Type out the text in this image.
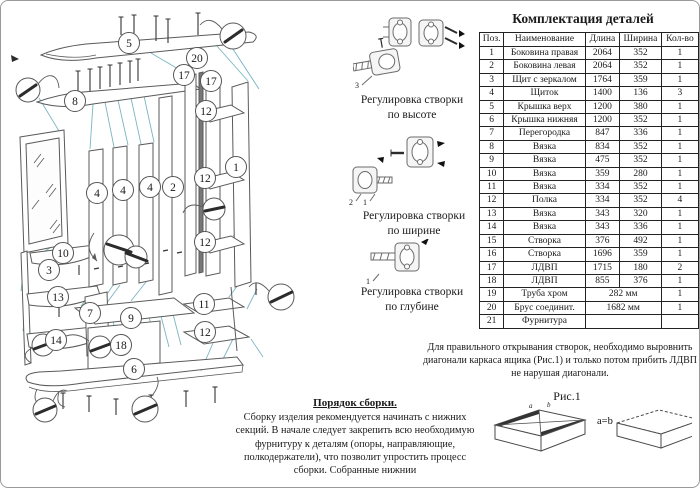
5
8
17
20
17
12
1
4 4 4 2
10
3
12
12
13
7	9
11
14	18
12
6
3
Регулировка створки
по высоте
2 1
Регулировка створки
по ширине
1
Регулировка створки
по глубине
Комплектация деталей
Поз.	Наименование	Длина	Ширина	Кол-во
1	Боковина правая	2064	352	1
2	Боковина левая	2064	352	1
3	Щит с зеркалом	1764	359	1
4	Щиток	1400	136	3
5	Крышка верх	1200	380	1
6	Крышка нижняя	1200	352	1
7	Перегородка	847	336	1
8	Вязка	834	352	1
9	Вязка	475	352	1
10	Вязка	359	280	1
11	Вязка	334	352	1
12	Полка	334	352	4
13	Вязка	343	320	1
14	Вязка	343	336	1
15	Створка	376	492	1
16	Створка	1696	359	1
17	ЛДВП	1715	180	2
18	ЛДВП	855	376	1
19	Труба хром	282 мм		1
20	Брус соединит.	1682 мм		1
21	Фурнитура			
Для правильного открывания створок, необходимо выровнить диагонали каркаса ящика (Рис.1) и только потом прибить ЛДВП не нарушая диагонали.
Рис.1
a b
a=b
Порядок сборки.
Сборку изделия рекомендуется начинать с нижних секций. В начале следует закрепить всю необходимую фурнитуру к деталям (опоры, направляющие, полкодержатели), что позволит упростить процесс сборки. Собранные нижнии
